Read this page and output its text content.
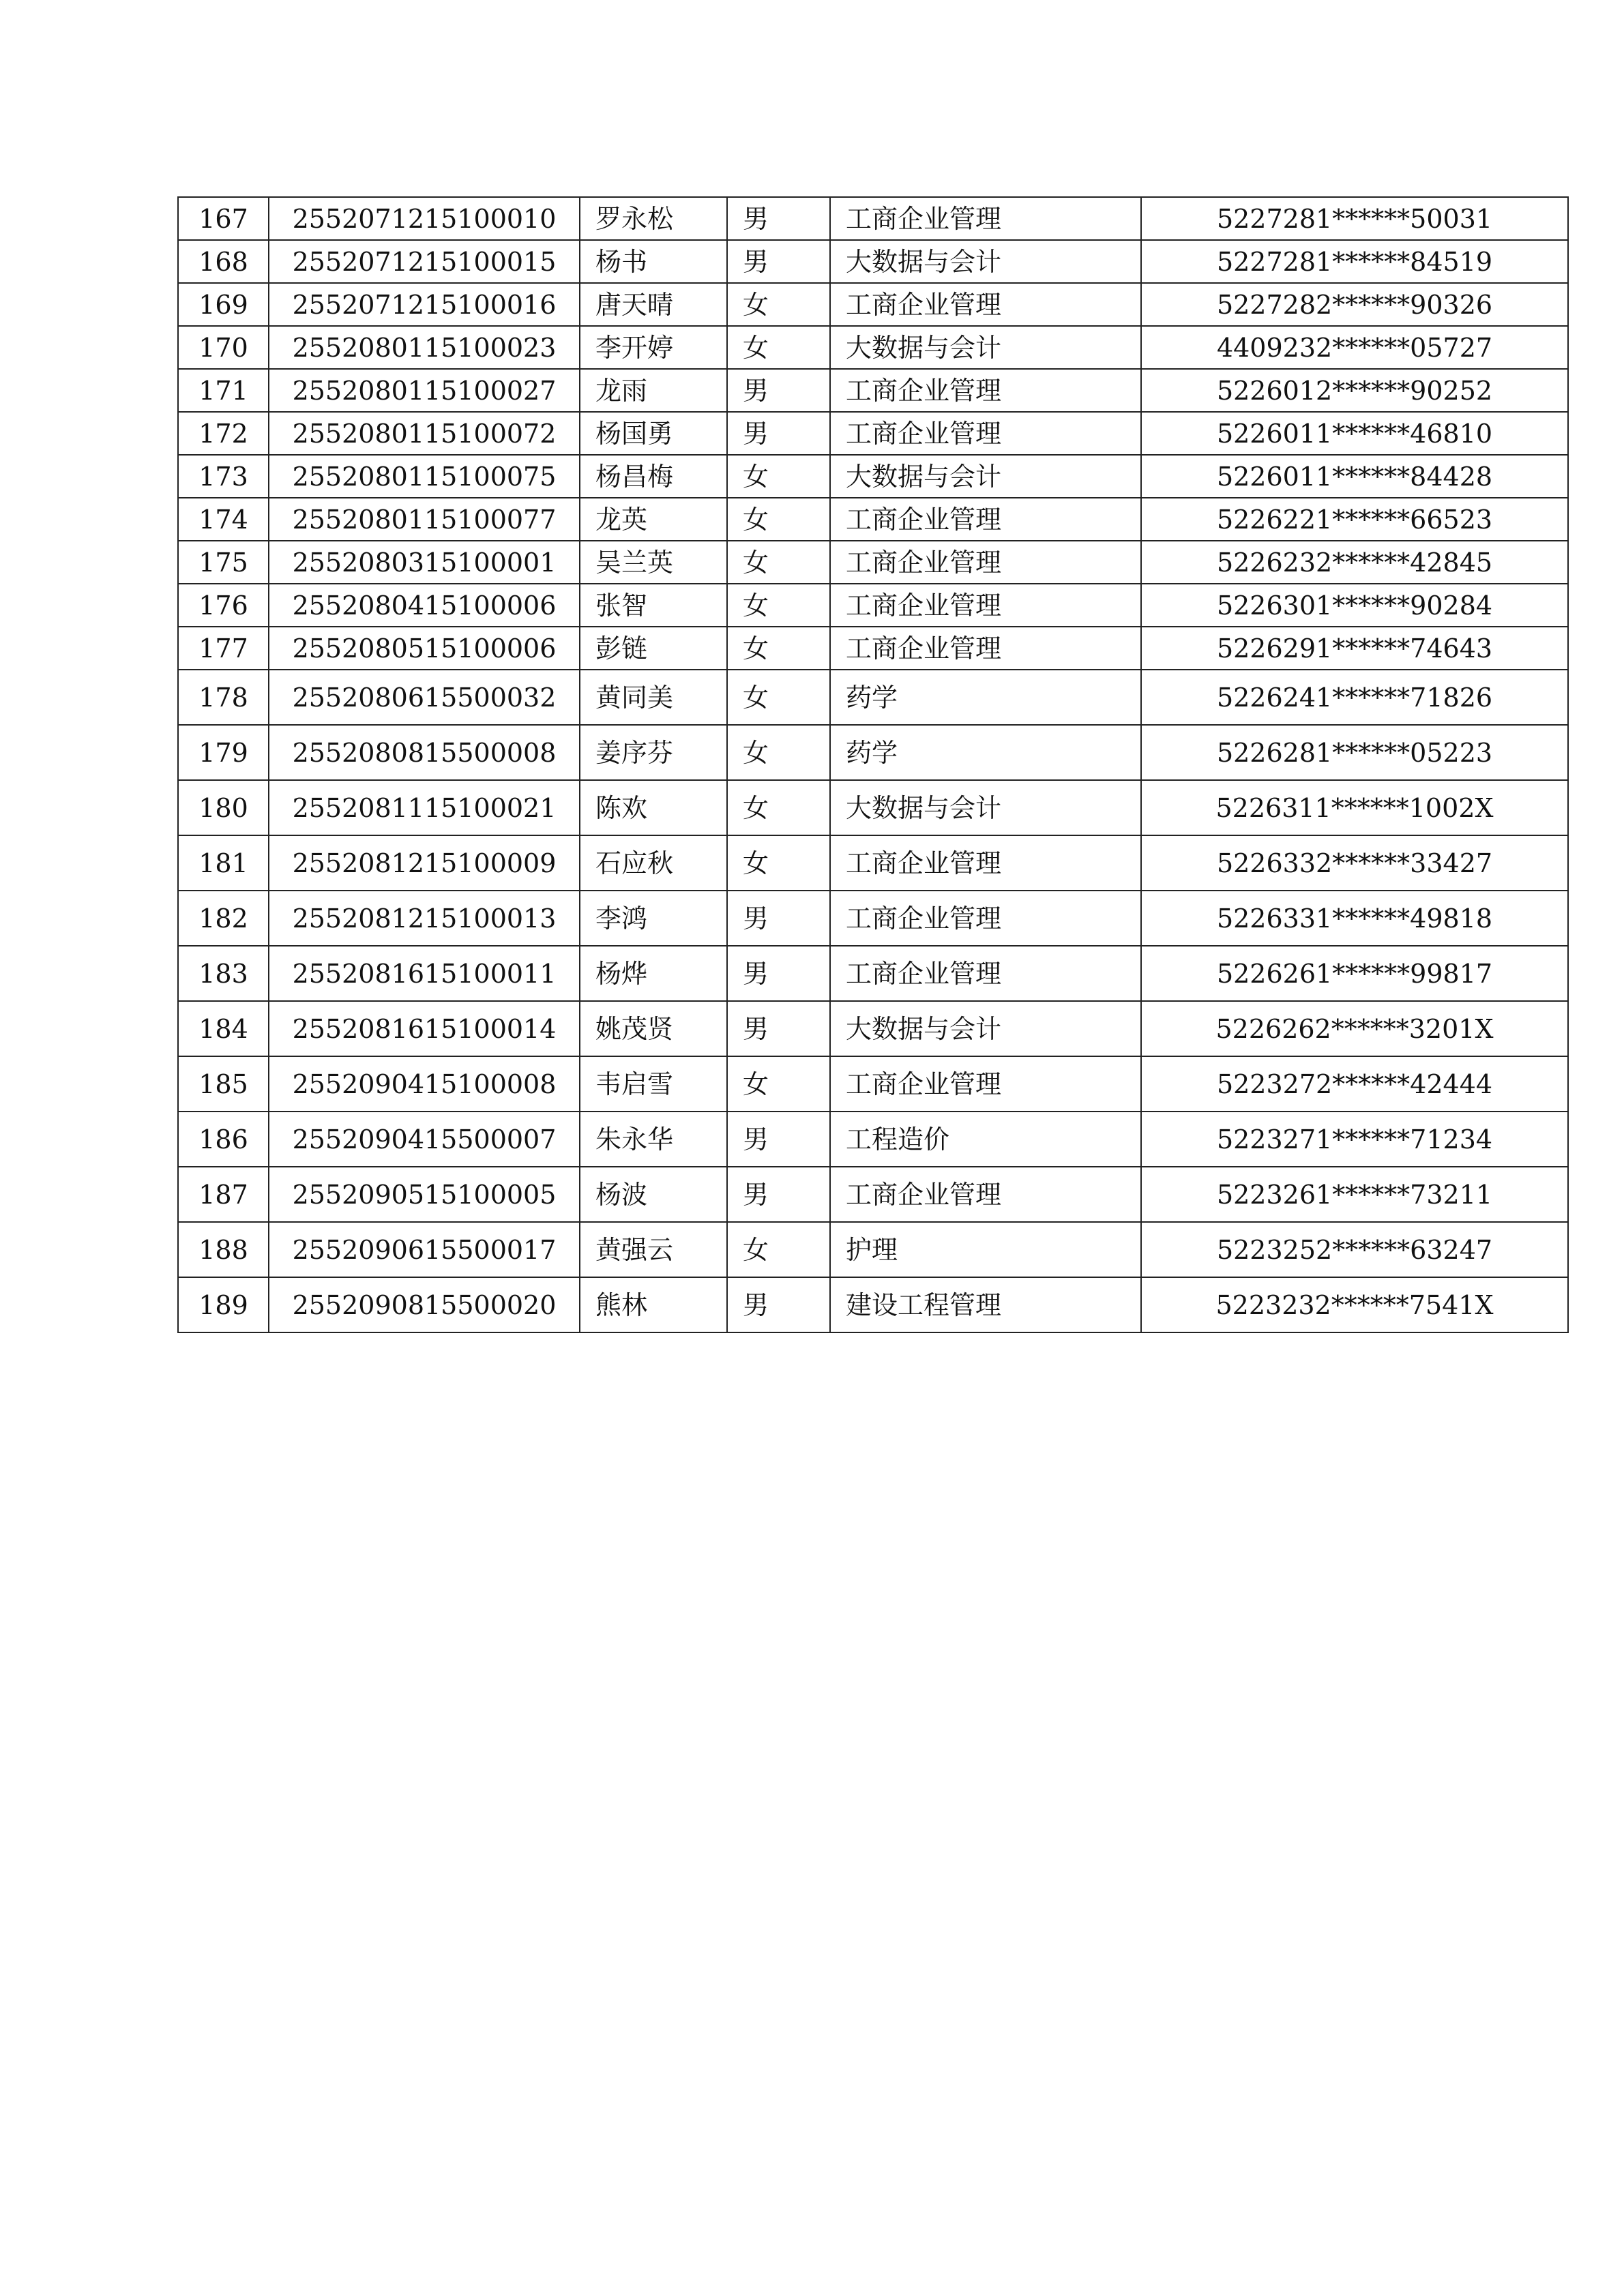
167	2552071215100010	罗永松	男	工商企业管理	5227281******50031
168	2552071215100015	杨书	男	大数据与会计	5227281******84519
169	2552071215100016	唐天晴	女	工商企业管理	5227282******90326
170	2552080115100023	李开婷	女	大数据与会计	4409232******05727
171	2552080115100027	龙雨	男	工商企业管理	5226012******90252
172	2552080115100072	杨国勇	男	工商企业管理	5226011******46810
173	2552080115100075	杨昌梅	女	大数据与会计	5226011******84428
174	2552080115100077	龙英	女	工商企业管理	5226221******66523
175	2552080315100001	吴兰英	女	工商企业管理	5226232******42845
176	2552080415100006	张智	女	工商企业管理	5226301******90284
177	2552080515100006	彭链	女	工商企业管理	5226291******74643
178	2552080615500032	黄同美	女	药学	5226241******71826
179	2552080815500008	姜序芬	女	药学	5226281******05223
180	2552081115100021	陈欢	女	大数据与会计	5226311******1002X
181	2552081215100009	石应秋	女	工商企业管理	5226332******33427
182	2552081215100013	李鸿	男	工商企业管理	5226331******49818
183	2552081615100011	杨烨	男	工商企业管理	5226261******99817
184	2552081615100014	姚茂贤	男	大数据与会计	5226262******3201X
185	2552090415100008	韦启雪	女	工商企业管理	5223272******42444
186	2552090415500007	朱永华	男	工程造价	5223271******71234
187	2552090515100005	杨波	男	工商企业管理	5223261******73211
188	2552090615500017	黄强云	女	护理	5223252******63247
189	2552090815500020	熊林	男	建设工程管理	5223232******7541X
